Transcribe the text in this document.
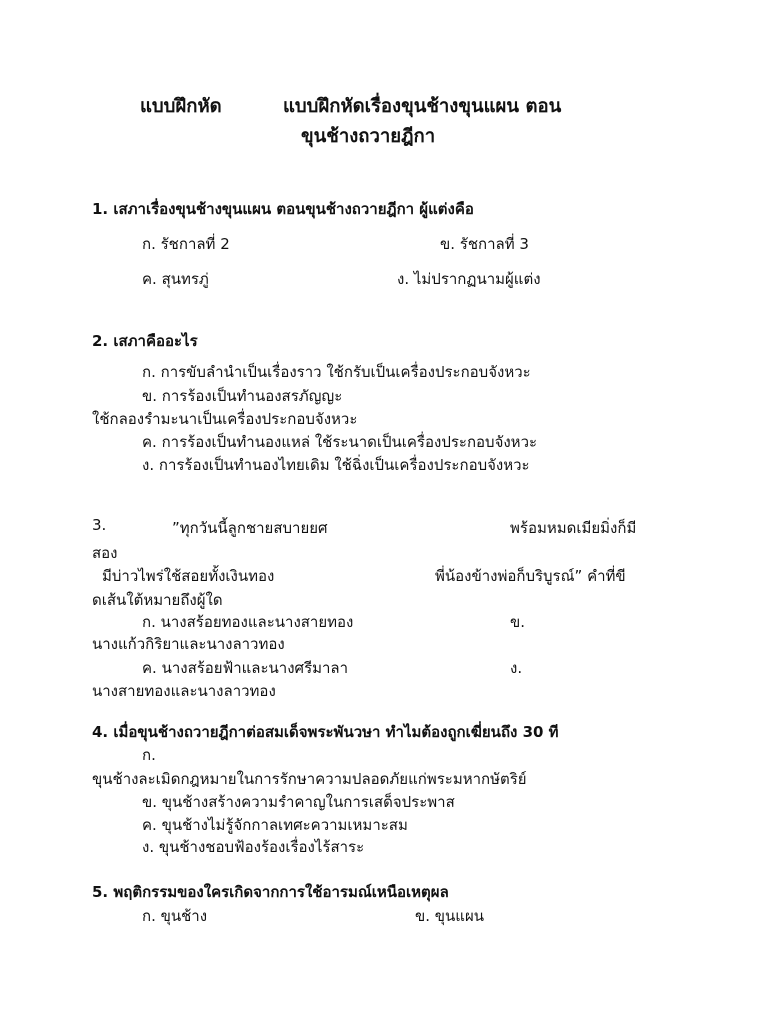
แบบฝึกหัด	แบบฝึกหัดเรื่องขุนช้างขุนแผน ตอน
ขุนช้างถวายฎีกา
1. เสภาเรื่องขุนช้างขุนแผน ตอนขุนช้างถวายฎีกา ผู้แต่งคือ
ก. รัชกาลที่ 2	ข. รัชกาลที่ 3
ค. สุนทรภู่	ง. ไม่ปรากฏนามผู้แต่ง
2. เสภาคืออะไร
ก. การขับลำนำเป็นเรื่องราว ใช้กรับเป็นเครื่องประกอบจังหวะ
ข. การร้องเป็นทำนองสรภัญญะ
ใช้กลองรำมะนาเป็นเครื่องประกอบจังหวะ
ค. การร้องเป็นทำนองแหล่ ใช้ระนาดเป็นเครื่องประกอบจังหวะ
ง. การร้องเป็นทำนองไทยเดิม ใช้ฉิ่งเป็นเครื่องประกอบจังหวะ
3.	”ทุกวันนี้ลูกชายสบายยศ	พร้อมหมดเมียมิ่งก็มี
สอง
มีบ่าวไพร่ใช้สอยทั้งเงินทอง	พี่น้องข้างพ่อก็บริบูรณ์” คำที่ขี
ดเส้นใต้หมายถึงผู้ใด
ก. นางสร้อยทองและนางสายทอง	ข.
นางแก้วกิริยาและนางลาวทอง
ค. นางสร้อยฟ้าและนางศรีมาลา	ง.
นางสายทองและนางลาวทอง
4. เมื่อขุนช้างถวายฎีกาต่อสมเด็จพระพันวษา ทำไมต้องถูกเฆี่ยนถึง 30 ที
ก.
ขุนช้างละเมิดกฎหมายในการรักษาความปลอดภัยแก่พระมหากษัตริย์
ข. ขุนช้างสร้างความรำคาญในการเสด็จประพาส
ค. ขุนช้างไม่รู้จักกาลเทศะความเหมาะสม
ง. ขุนช้างชอบฟ้องร้องเรื่องไร้สาระ
5. พฤติกรรมของใครเกิดจากการใช้อารมณ์เหนือเหตุผล
ก. ขุนช้าง	ข. ขุนแผน
